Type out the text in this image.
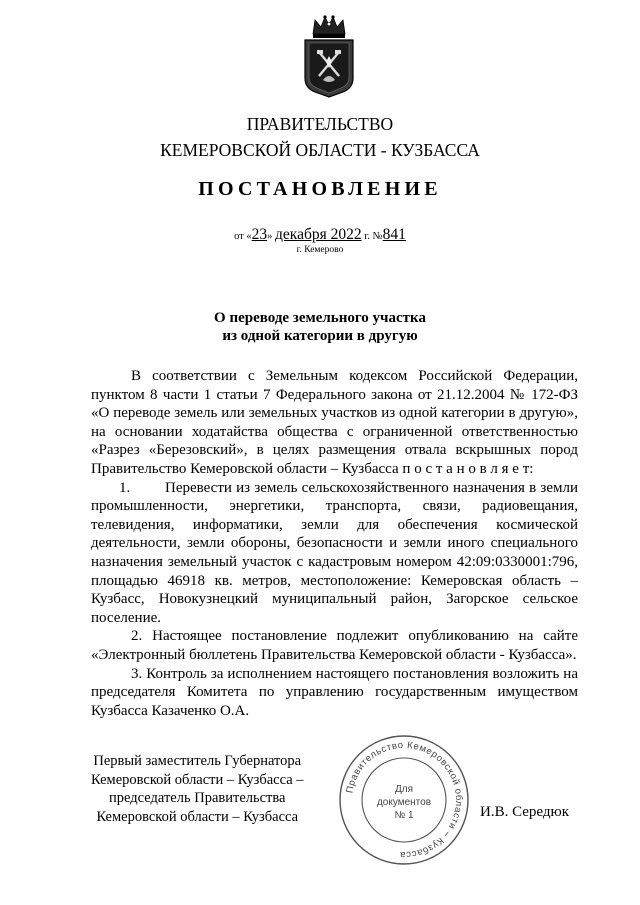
ПРАВИТЕЛЬСТВО
КЕМЕРОВСКОЙ ОБЛАСТИ - КУЗБАССА
ПОСТАНОВЛЕНИЕ
от «23» декабря 2022 г. №841
г. Кемерово
О переводе земельного участка
из одной категории в другую

В соответствии с Земельным кодексом Российской Федерации, пунктом 8 части 1 статьи 7 Федерального закона от 21.12.2004 № 172-ФЗ «О переводе земель или земельных участков из одной категории в другую», на основании ходатайства общества с ограниченной ответственностью «Разрез «Березовский», в целях размещения отвала вскрышных пород Правительство Кемеровской области – Кузбасса п о с т а н о в л я е т:

1. Перевести из земель сельскохозяйственного назначения в земли промышленности, энергетики, транспорта, связи, радиовещания, телевидения, информатики, земли для обеспечения космической деятельности, земли обороны, безопасности и земли иного специального назначения земельный участок с кадастровым номером 42:09:0330001:796, площадью 46918 кв. метров, местоположение: Кемеровская область – Кузбасс, Новокузнецкий муниципальный район, Загорское сельское поселение.

2. Настоящее постановление подлежит опубликованию на сайте «Электронный бюллетень Правительства Кемеровской области - Кузбасса».

3. Контроль за исполнением настоящего постановления возложить на председателя Комитета по управлению государственным имуществом Кузбасса Казаченко О.А.

Первый заместитель Губернатора
Кемеровской области – Кузбасса –
председатель Правительства
Кемеровской области – Кузбасса
Правительство Кемеровской области – Кузбасса
Для
документов
№ 1	И.В. Середюк
